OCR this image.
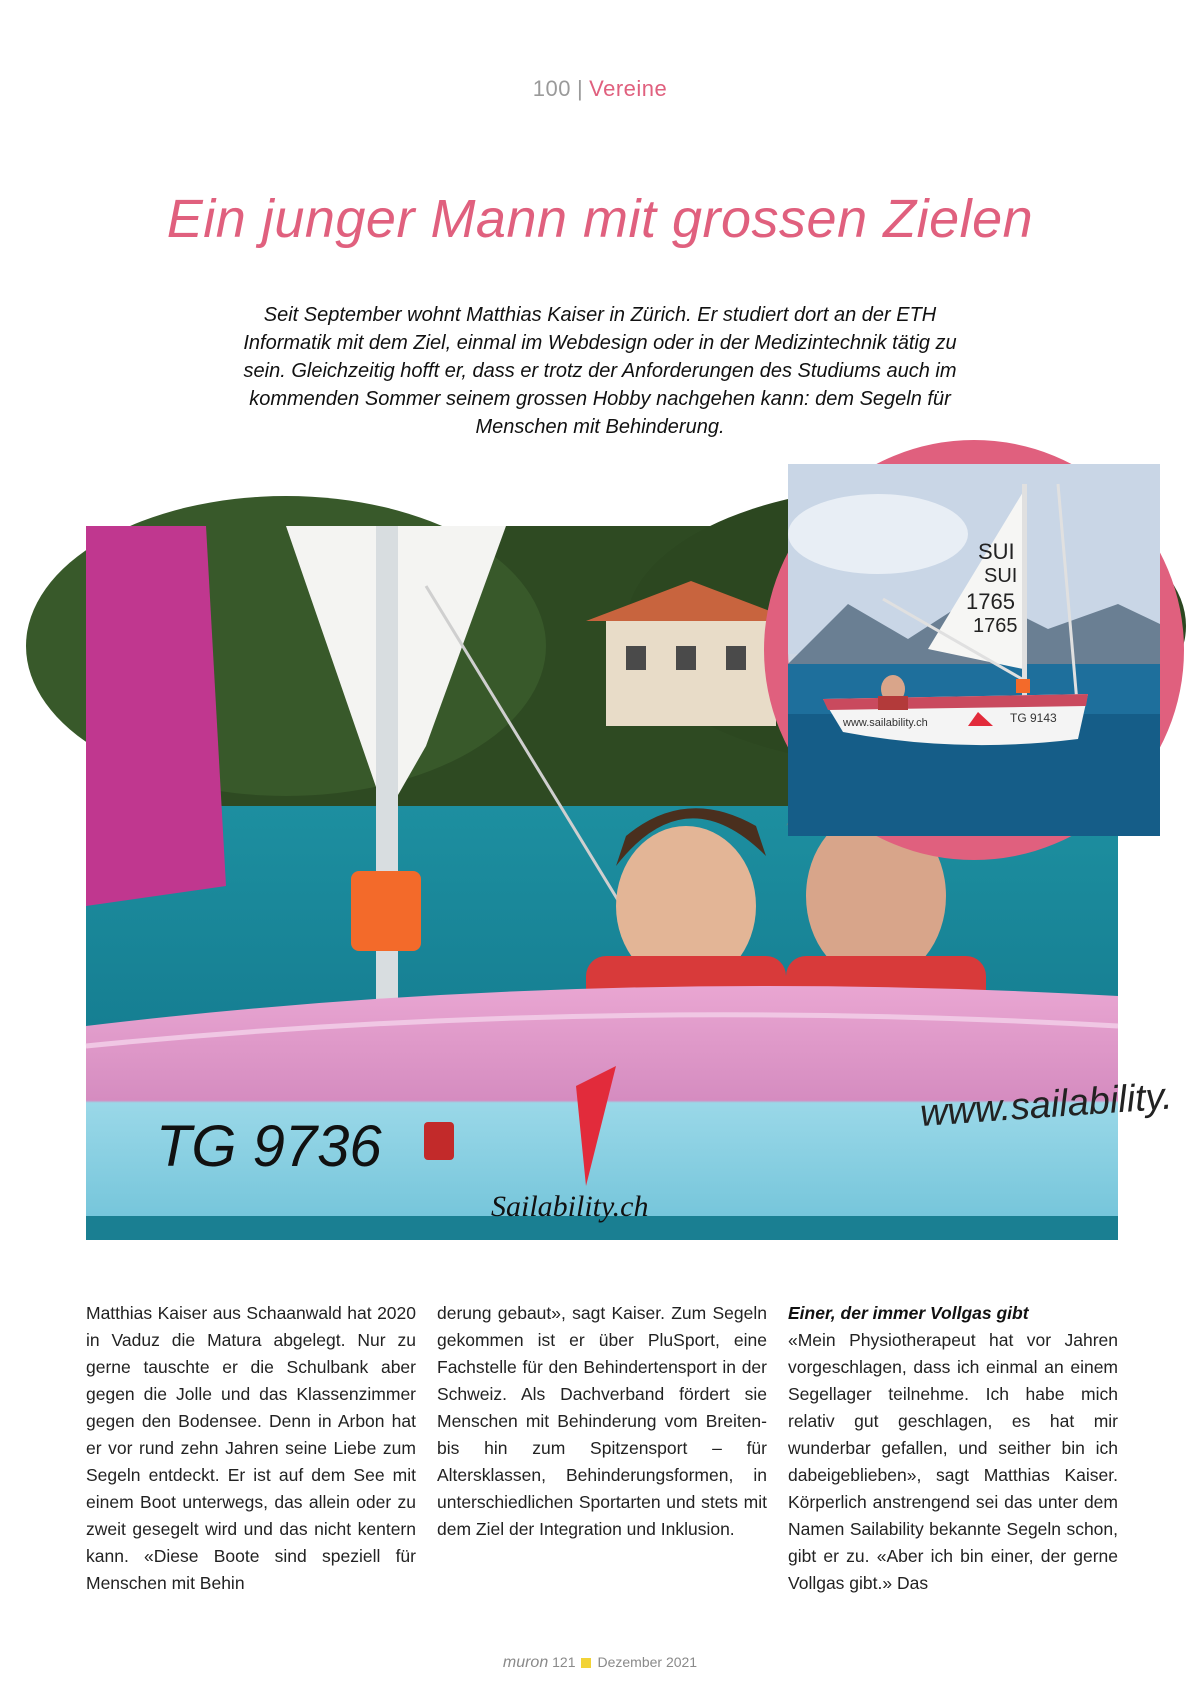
100 | Vereine
Ein junger Mann mit grossen Zielen

Seit September wohnt Matthias Kaiser in Zürich. Er studiert dort an der ETH Informatik mit dem Ziel, einmal im Webdesign oder in der Medizintechnik tätig zu sein. Gleichzeitig hofft er, dass er trotz der Anforderungen des Studiums auch im kommenden Sommer seinem grossen Hobby nachgehen kann: dem Segeln für Menschen mit Behinderung.

TG 9736
Sailability.ch
www.sailability.
SUI
SUI
1765
1765
www.sailability.ch	TG 9143

Matthias Kaiser aus Schaanwald hat 2020 in Vaduz die Matura abgelegt. Nur zu gerne tauschte er die Schulbank aber gegen die Jolle und das Klassenzimmer gegen den Bodensee. Denn in Arbon hat er vor rund zehn Jahren seine Liebe zum Segeln entdeckt. Er ist auf dem See mit einem Boot unterwegs, das allein oder zu zweit gesegelt wird und das nicht kentern kann. «Diese Boote sind speziell für Menschen mit Behin

derung gebaut», sagt Kaiser. Zum Segeln gekommen ist er über PluSport, eine Fachstelle für den Behindertensport in der Schweiz. Als Dachverband fördert sie Menschen mit Behinderung vom Breiten- bis hin zum Spitzensport – für Altersklassen, Behinderungsformen, in unterschiedlichen Sportarten und stets mit dem Ziel der Integration und Inklusion.

Einer, der immer Vollgas gibt

«Mein Physiotherapeut hat vor Jahren vorgeschlagen, dass ich einmal an einem Segellager teilnehme. Ich habe mich relativ gut geschlagen, es hat mir wunderbar gefallen, und seither bin ich dabeigeblieben», sagt Matthias Kaiser. Körperlich anstrengend sei das unter dem Namen Sailability bekannte Segeln schon, gibt er zu. «Aber ich bin einer, der gerne Vollgas gibt.» Das

muron 121 Dezember 2021
